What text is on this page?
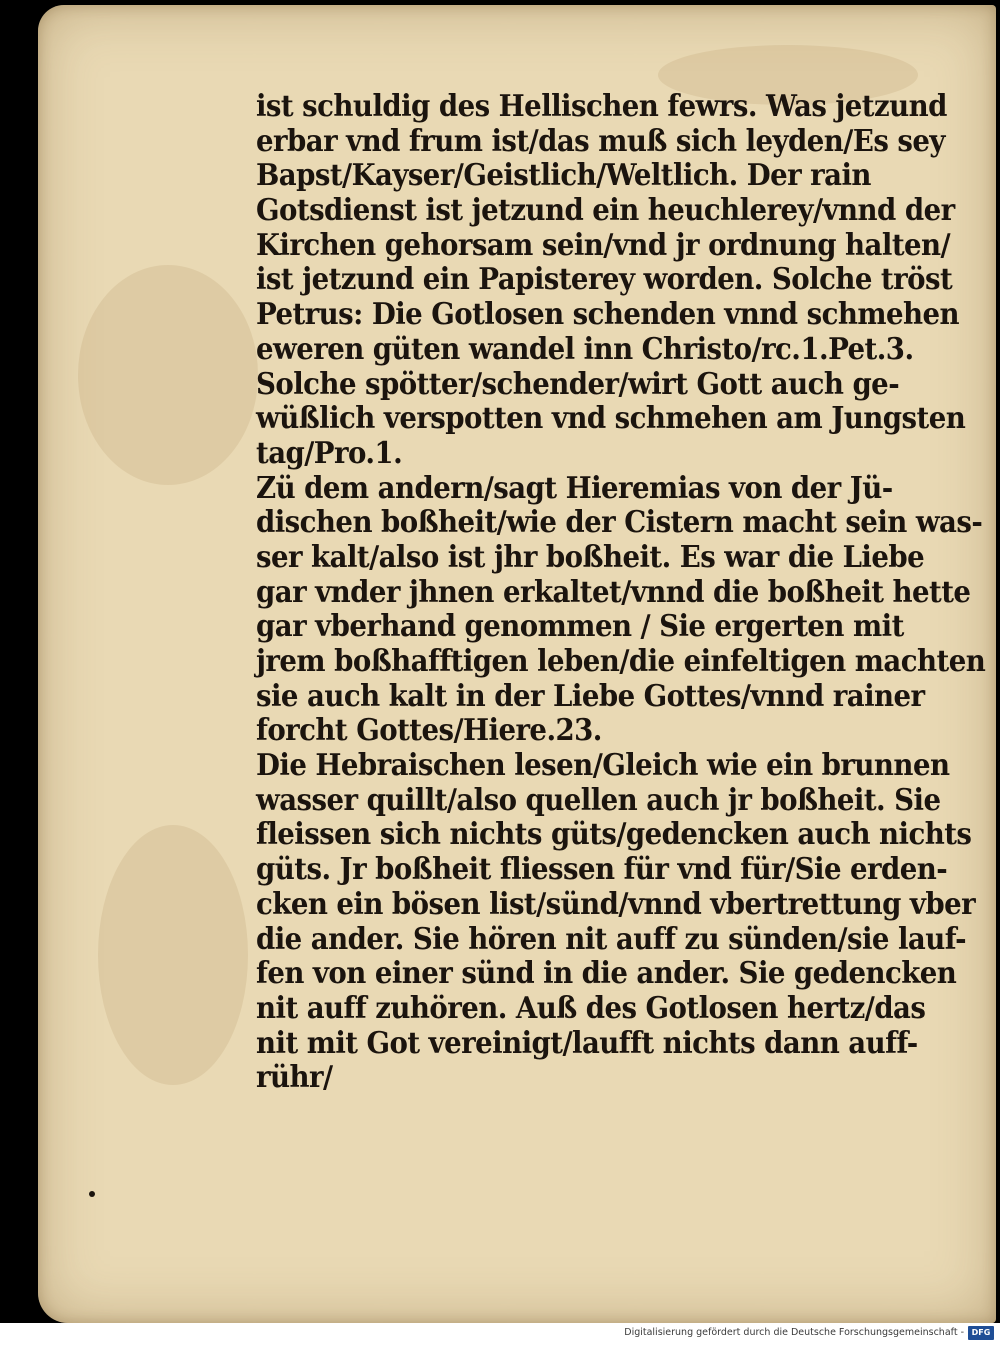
ist schuldig des Hellischen fewrs. Was jetzund
erbar vnd frum ist/das muß sich leyden/Es sey
Bapst/Kayser/Geistlich/Weltlich. Der rain
Gotsdienst ist jetzund ein heuchlerey/vnnd der
Kirchen gehorsam sein/vnd jr ordnung halten/
ist jetzund ein Papisterey worden. Solche tröst
Petrus: Die Gotlosen schenden vnnd schmehen
eweren güten wandel inn Christo/rc.1.Pet.3.
Solche spötter/schender/wirt Gott auch ge-
wüßlich verspotten vnd schmehen am Jungsten
tag/Pro.1.
Zü dem andern/sagt Hieremias von der Jü-
dischen boßheit/wie der Cistern macht sein was-
ser kalt/also ist jhr boßheit. Es war die Liebe
gar vnder jhnen erkaltet/vnnd die boßheit hette
gar vberhand genommen / Sie ergerten mit
jrem boßhafftigen leben/die einfeltigen machten
sie auch kalt in der Liebe Gottes/vnnd rainer
forcht Gottes/Hiere.23.
Die Hebraischen lesen/Gleich wie ein brunnen
wasser quillt/also quellen auch jr boßheit. Sie
fleissen sich nichts güts/gedencken auch nichts
güts. Jr boßheit fliessen für vnd für/Sie erden-
cken ein bösen list/sünd/vnnd vbertrettung vber
die ander. Sie hören nit auff zu sünden/sie lauf-
fen von einer sünd in die ander. Sie gedencken
nit auff zuhören. Auß des Gotlosen hertz/das
nit mit Got vereinigt/laufft nichts dann auff-
rühr/
Digitalisierung gefördert durch die Deutsche Forschungsgemeinschaft - DFG
